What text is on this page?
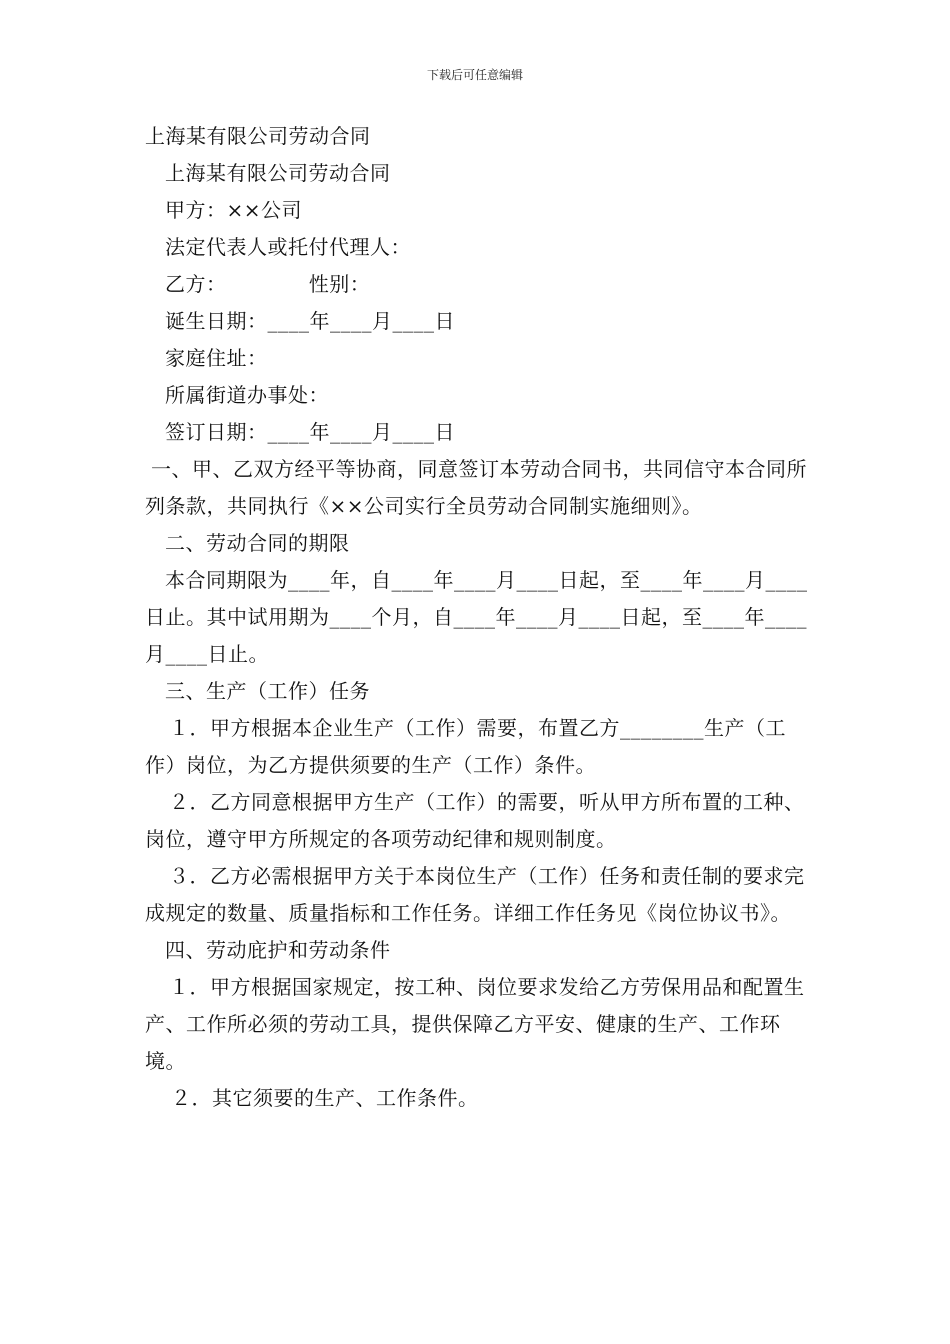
下载后可任意编辑

上海某有限公司劳动合同

上海某有限公司劳动合同

甲方：××公司

法定代表人或托付代理人：

乙方：            性别：

诞生日期：____年____月____日

家庭住址：

所属街道办事处：

签订日期：____年____月____日

一、甲、乙双方经平等协商，同意签订本劳动合同书，共同信守本合同所列条款，共同执行《××公司实行全员劳动合同制实施细则》。

二、劳动合同的期限

本合同期限为____年，自____年____月____日起，至____年____月____日止。其中试用期为____个月，自____年____月____日起，至____年____月____日止。

三、生产（工作）任务

１．甲方根据本企业生产（工作）需要，布置乙方________生产（工作）岗位，为乙方提供须要的生产（工作）条件。

２．乙方同意根据甲方生产（工作）的需要，听从甲方所布置的工种、岗位，遵守甲方所规定的各项劳动纪律和规则制度。

３．乙方必需根据甲方关于本岗位生产（工作）任务和责任制的要求完成规定的数量、质量指标和工作任务。详细工作任务见《岗位协议书》。

四、劳动庇护和劳动条件

１．甲方根据国家规定，按工种、岗位要求发给乙方劳保用品和配置生产、工作所必须的劳动工具，提供保障乙方平安、健康的生产、工作环境。

２．其它须要的生产、工作条件。
